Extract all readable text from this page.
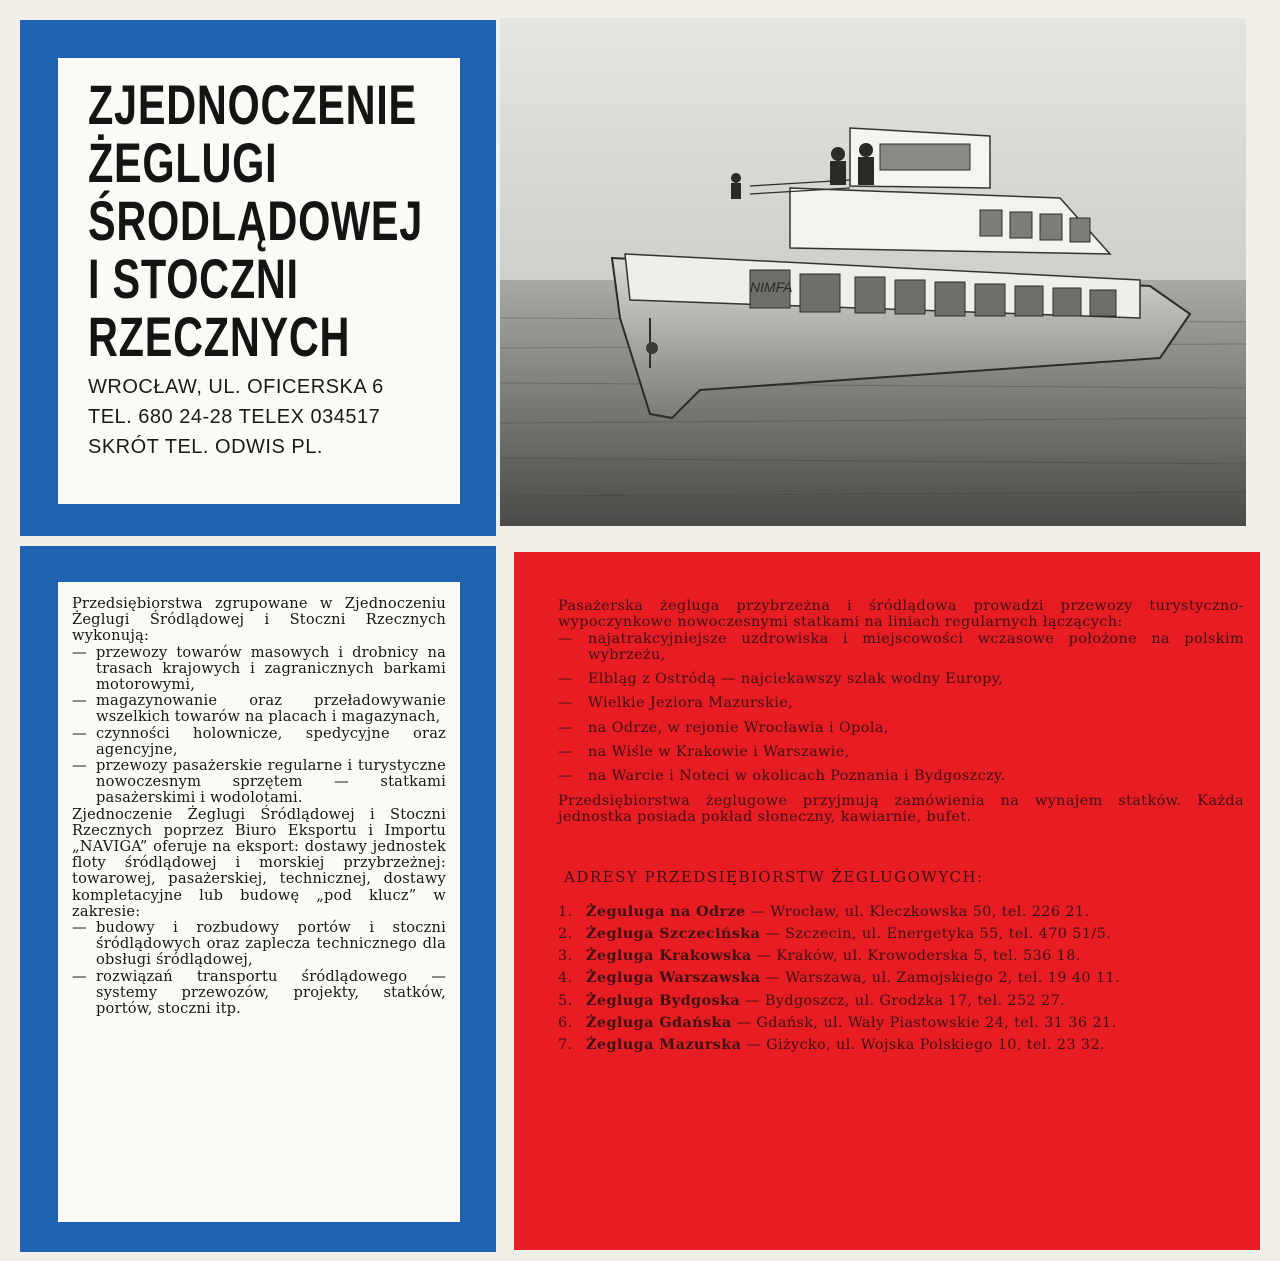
ZJEDNOCZENIE
ŻEGLUGI
ŚRODLĄDOWEJ
I STOCZNI
RZECZNYCH
WROCŁAW, UL. OFICERSKA 6
TEL. 680 24-28 TELEX 034517
SKRÓT TEL. ODWIS PL.
NIMFA

Przedsiębiorstwa zgrupowane w Zjednoczeniu Żeglugi Śródlądowej i Stoczni Rzecznych wykonują:

— przewozy towarów masowych i drobnicy na trasach krajowych i zagranicznych barkami motorowymi,
— magazynowanie oraz przeładowywanie wszelkich towarów na placach i magazynach,
— czynności holownicze, spedycyjne oraz agencyjne,
— przewozy pasażerskie regularne i turystyczne nowoczesnym sprzętem — statkami pasażerskimi i wodolotami.

Zjednoczenie Żeglugi Śródlądowej i Stoczni Rzecznych poprzez Biuro Eksportu i Importu „NAVIGA” oferuje na eksport: dostawy jednostek floty śródlądowej i morskiej przybrzeżnej: towarowej, pasażerskiej, technicznej, dostawy kompletacyjne lub budowę „pod klucz” w zakresie:

— budowy i rozbudowy portów i stoczni śródlądowych oraz zaplecza technicznego dla obsługi śródlądowej,
— rozwiązań transportu śródlądowego — systemy przewozów, projekty, statków, portów, stoczni itp.

Pasażerska żegluga przybrzeżna i śródlądowa prowadzi przewozy turystyczno-wypoczynkowe nowoczesnymi statkami na liniach regularnych łączących:

— najatrakcyjniejsze uzdrowiska i miejscowości wczasowe położone na polskim wybrzeżu,
— Elbląg z Ostródą — najciekawszy szlak wodny Europy,
— Wielkie Jeziora Mazurskie,
— na Odrze, w rejonie Wrocławia i Opola,
— na Wiśle w Krakowie i Warszawie,
— na Warcie i Noteci w okolicach Poznania i Bydgoszczy.

Przedsiębiorstwa żeglugowe przyjmują zamówienia na wynajem statków. Każda jednostka posiada pokład słoneczny, kawiarnie, bufet.

ADRESY PRZEDSIĘBIORSTW ŻEGLUGOWYCH:
1. Żeguluga na Odrze — Wrocław, ul. Kleczkowska 50, tel. 226 21.
2. Żegluga Szczecińska — Szczecin, ul. Energetyka 55, tel. 470 51/5.
3. Żegluga Krakowska — Kraków, ul. Krowoderska 5, tel. 536 18.
4. Żegluga Warszawska — Warszawa, ul. Zamojskiego 2, tel. 19 40 11.
5. Żegluga Bydgoska — Bydgoszcz, ul. Grodzka 17, tel. 252 27.
6. Żegluga Gdańska — Gdańsk, ul. Wały Piastowskie 24, tel. 31 36 21.
7. Żegluga Mazurska — Giżycko, ul. Wojska Polskiego 10, tel. 23 32.
